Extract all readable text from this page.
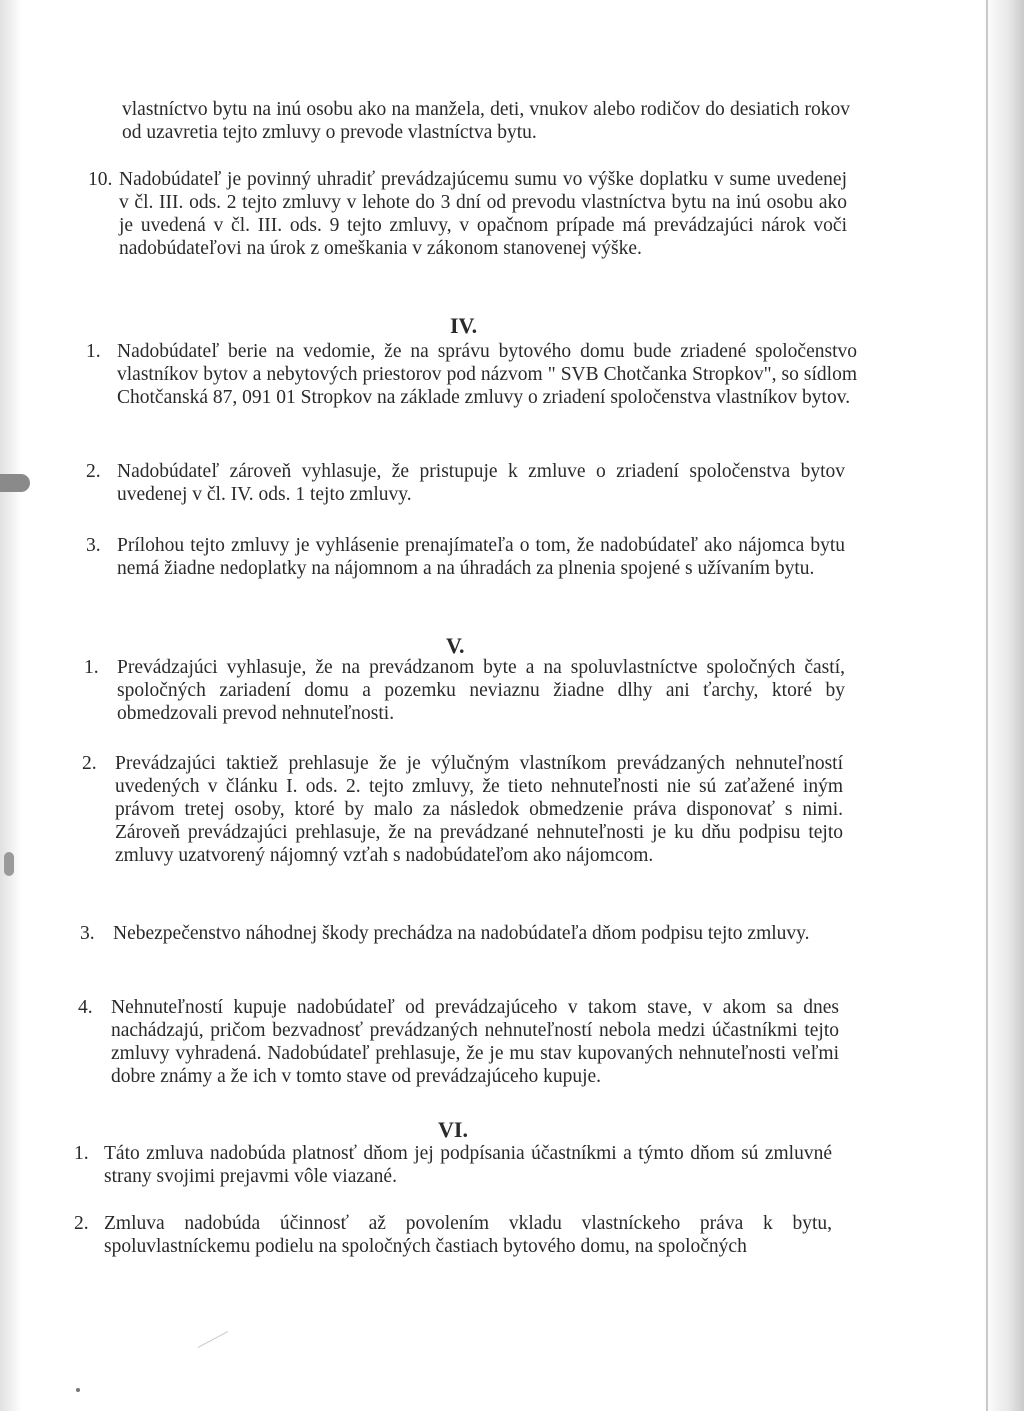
vlastníctvo bytu na inú osobu ako na manžela, deti, vnukov alebo rodičov do desiatich rokov od uzavretia tejto zmluvy o prevode vlastníctva bytu.
10. Nadobúdateľ je povinný uhradiť prevádzajúcemu sumu vo výške doplatku v sume uvedenej v čl. III. ods. 2 tejto zmluvy v lehote do 3 dní od prevodu vlastníctva bytu na inú osobu ako je uvedená v čl. III. ods. 9 tejto zmluvy, v opačnom prípade má prevádzajúci nárok voči nadobúdateľovi na úrok z omeškania v zákonom stanovenej výške.
IV.
1. Nadobúdateľ berie na vedomie, že na správu bytového domu bude zriadené spoločenstvo vlastníkov bytov a nebytových priestorov pod názvom " SVB Chotčanka Stropkov", so sídlom Chotčanská 87, 091 01 Stropkov na základe zmluvy o zriadení spoločenstva vlastníkov bytov.
2. Nadobúdateľ zároveň vyhlasuje, že pristupuje k zmluve o zriadení spoločenstva bytov uvedenej v čl. IV. ods. 1 tejto zmluvy.
3. Prílohou tejto zmluvy je vyhlásenie prenajímateľa o tom, že nadobúdateľ ako nájomca bytu nemá žiadne nedoplatky na nájomnom a na úhradách za plnenia spojené s užívaním bytu.
V.
1. Prevádzajúci vyhlasuje, že na prevádzanom byte a na spoluvlastníctve spoločných častí, spoločných zariadení domu a pozemku neviaznu žiadne dlhy ani ťarchy, ktoré by obmedzovali prevod nehnuteľnosti.
2. Prevádzajúci taktiež prehlasuje že je výlučným vlastníkom prevádzaných nehnuteľností uvedených v článku I. ods. 2. tejto zmluvy, že tieto nehnuteľnosti nie sú zaťažené iným právom tretej osoby, ktoré by malo za následok obmedzenie práva disponovať s nimi. Zároveň prevádzajúci prehlasuje, že na prevádzané nehnuteľnosti je ku dňu podpisu tejto zmluvy uzatvorený nájomný vzťah s nadobúdateľom ako nájomcom.
3. Nebezpečenstvo náhodnej škody prechádza na nadobúdateľa dňom podpisu tejto zmluvy.
4. Nehnuteľností kupuje nadobúdateľ od prevádzajúceho v takom stave, v akom sa dnes nachádzajú, pričom bezvadnosť prevádzaných nehnuteľností nebola medzi účastníkmi tejto zmluvy vyhradená. Nadobúdateľ prehlasuje, že je mu stav kupovaných nehnuteľnosti veľmi dobre známy a že ich v tomto stave od prevádzajúceho kupuje.
VI.
1. Táto zmluva nadobúda platnosť dňom jej podpísania účastníkmi a týmto dňom sú zmluvné strany svojimi prejavmi vôle viazané.
2. Zmluva nadobúda účinnosť až povolením vkladu vlastníckeho práva k bytu, spoluvlastníckemu podielu na spoločných častiach bytového domu, na spoločných
